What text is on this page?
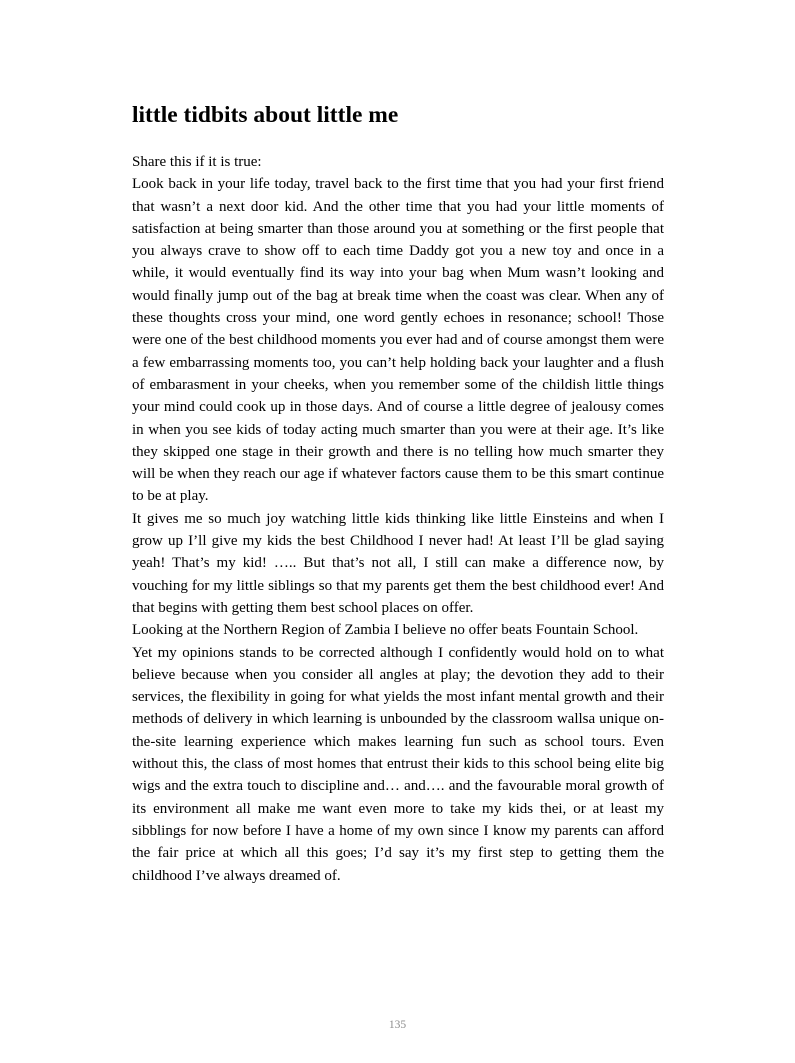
little tidbits about little me

Share this if it is true:

Look back in your life today, travel back to the first time that you had your first friend that wasn’t a next door kid. And the other time that you had your little moments of satisfaction at being smarter than those around you at something or the first people that you always crave to show off to each time Daddy got you a new toy and once in a while, it would eventually find its way into your bag when Mum wasn’t looking and would finally jump out of the bag at break time when the coast was clear. When any of these thoughts cross your mind, one word gently echoes in resonance; school! Those were one of the best childhood moments you ever had and of course amongst them were a few embarrassing moments too, you can’t help holding back your laughter and a flush of embarasment in your cheeks, when you remember some of the childish little things your mind could cook up in those days. And of course a little degree of jealousy comes in when you see kids of today acting much smarter than you were at their age. It’s like they skipped one stage in their growth and there is no telling how much smarter they will be when they reach our age if whatever factors cause them to be this smart continue to be at play.

It gives me so much joy watching little kids thinking like little Einsteins and when I grow up I’ll give my kids the best Childhood I never had! At least I’ll be glad saying yeah! That’s my kid! ….. But that’s not all, I still can make a difference now, by vouching for my little siblings so that my parents get them the best childhood ever! And that begins with getting them best school places on offer.

Looking at the Northern Region of Zambia I believe no offer beats Fountain School.

Yet my opinions stands to be corrected although I confidently would hold on to what believe because when you consider all angles at play; the devotion they add to their services, the flexibility in going for what yields the most infant mental growth and their methods of delivery in which learning is unbounded by the classroom wallsa unique on-the-site learning experience which makes learning fun such as school tours. Even without this, the class of most homes that entrust their kids to this school being elite big wigs and the extra touch to discipline and… and…. and the favourable moral growth of its environment all make me want even more to take my kids thei, or at least my sibblings for now before I have a home of my own since I know my parents can afford the fair price at which all this goes; I’d say it’s my first step to getting them the childhood I’ve always dreamed of.

135
